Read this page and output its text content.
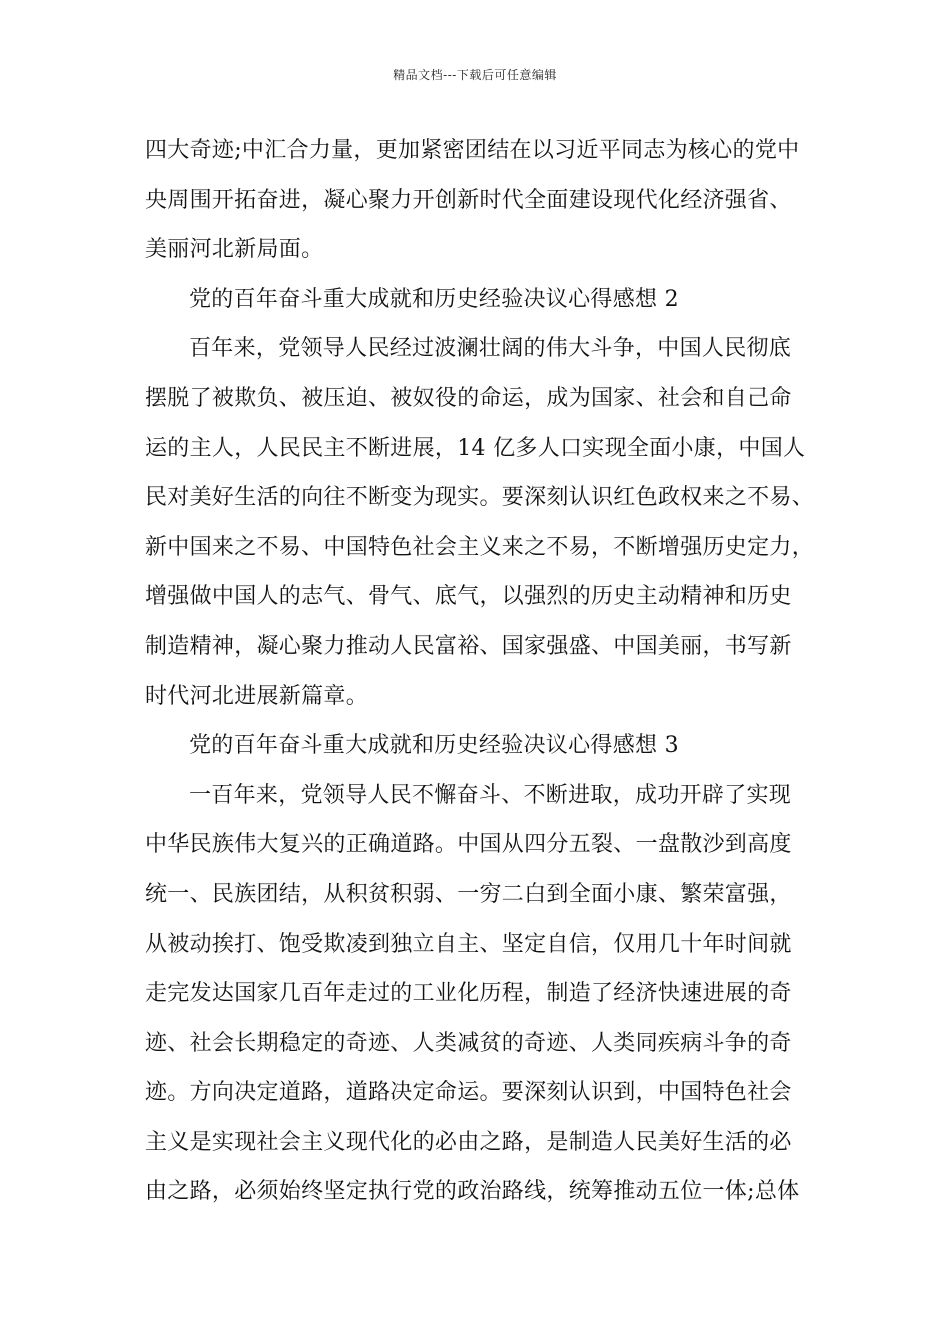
精品文档---下载后可任意编辑
四大奇迹;中汇合力量，更加紧密团结在以习近平同志为核心的党中
央周围开拓奋进，凝心聚力开创新时代全面建设现代化经济强省、
美丽河北新局面。
党的百年奋斗重大成就和历史经验决议心得感想 2
百年来，党领导人民经过波澜壮阔的伟大斗争，中国人民彻底
摆脱了被欺负、被压迫、被奴役的命运，成为国家、社会和自己命
运的主人，人民民主不断进展，14 亿多人口实现全面小康，中国人
民对美好生活的向往不断变为现实。要深刻认识红色政权来之不易、
新中国来之不易、中国特色社会主义来之不易，不断增强历史定力，
增强做中国人的志气、骨气、底气，以强烈的历史主动精神和历史
制造精神，凝心聚力推动人民富裕、国家强盛、中国美丽，书写新
时代河北进展新篇章。
党的百年奋斗重大成就和历史经验决议心得感想 3
一百年来，党领导人民不懈奋斗、不断进取，成功开辟了实现
中华民族伟大复兴的正确道路。中国从四分五裂、一盘散沙到高度
统一、民族团结，从积贫积弱、一穷二白到全面小康、繁荣富强，
从被动挨打、饱受欺凌到独立自主、坚定自信，仅用几十年时间就
走完发达国家几百年走过的工业化历程，制造了经济快速进展的奇
迹、社会长期稳定的奇迹、人类减贫的奇迹、人类同疾病斗争的奇
迹。方向决定道路，道路决定命运。要深刻认识到，中国特色社会
主义是实现社会主义现代化的必由之路，是制造人民美好生活的必
由之路，必须始终坚定执行党的政治路线，统筹推动五位一体;总体
